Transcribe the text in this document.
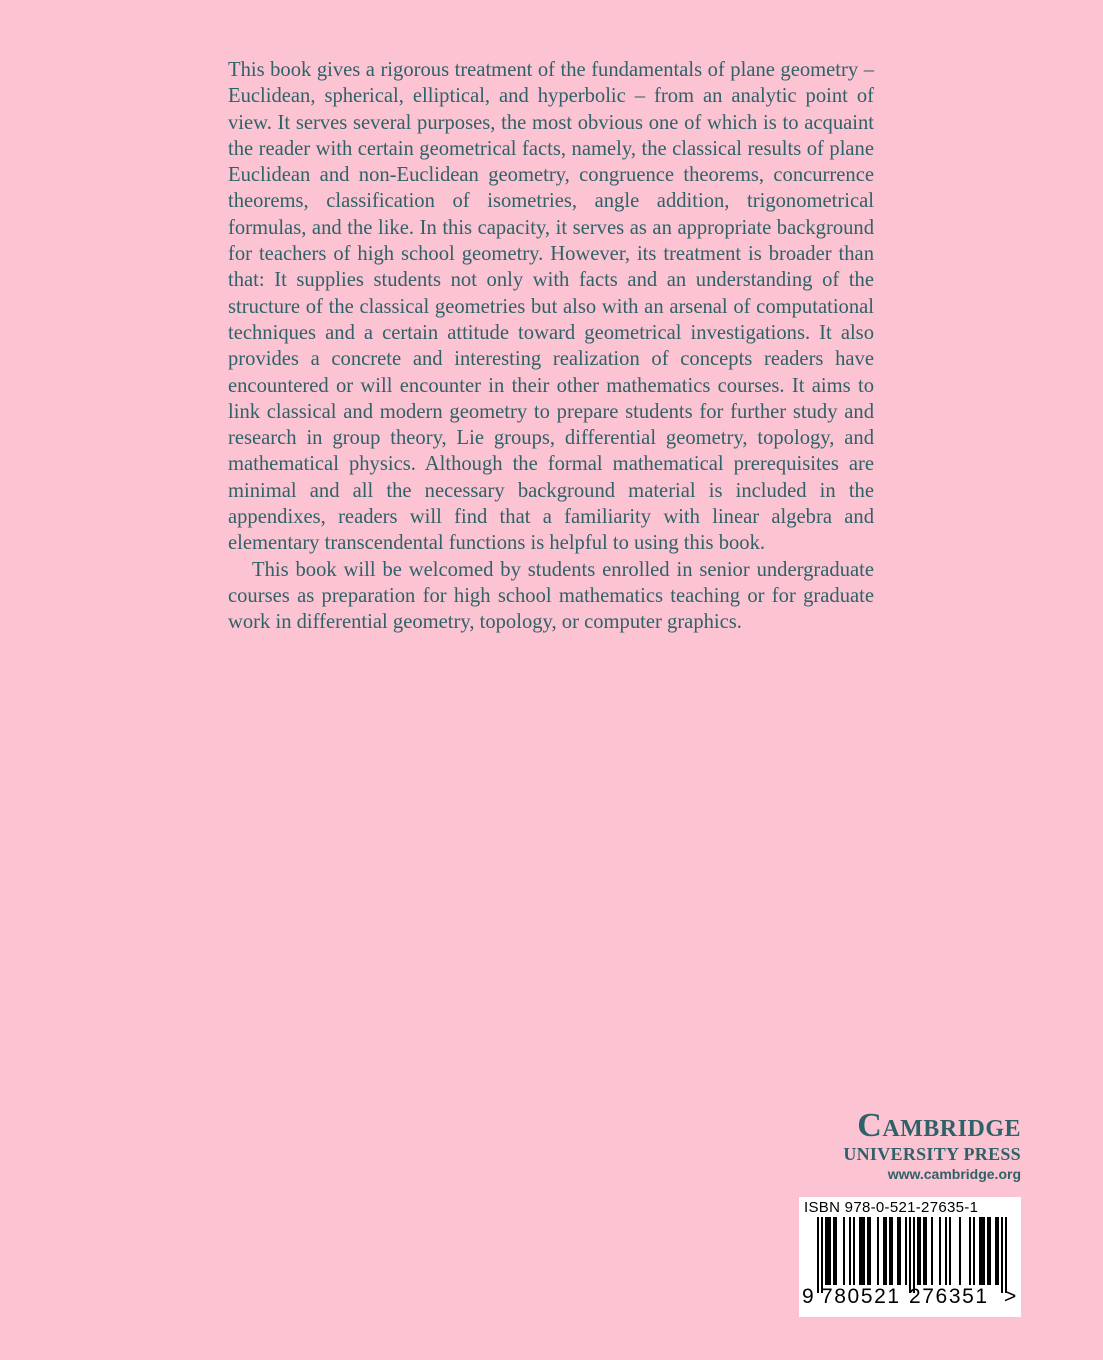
This book gives a rigorous treatment of the fundamentals of plane geometry – Euclidean, spherical, elliptical, and hyperbolic – from an analytic point of view. It serves several purposes, the most obvious one of which is to acquaint the reader with certain geometrical facts, namely, the classical results of plane Euclidean and non-Euclidean geometry, congruence theorems, concurrence theorems, classification of isometries, angle addition, trigonometrical formulas, and the like. In this capacity, it serves as an appropriate background for teachers of high school geometry. However, its treatment is broader than that: It supplies students not only with facts and an understanding of the structure of the classical geometries but also with an arsenal of computational techniques and a certain attitude toward geometrical investigations. It also provides a concrete and interesting realization of concepts readers have encountered or will encounter in their other mathematics courses. It aims to link classical and modern geometry to prepare students for further study and research in group theory, Lie groups, differential geometry, topology, and mathematical physics. Although the formal mathematical prerequisites are minimal and all the necessary background material is included in the appendixes, readers will find that a familiarity with linear algebra and elementary transcendental functions is helpful to using this book.

This book will be welcomed by students enrolled in senior undergraduate courses as preparation for high school mathematics teaching or for graduate work in differential geometry, topology, or computer graphics.

Cambridge
UNIVERSITY PRESS
www.cambridge.org
ISBN 978-0-521-27635-1
9 780521 276351 >
